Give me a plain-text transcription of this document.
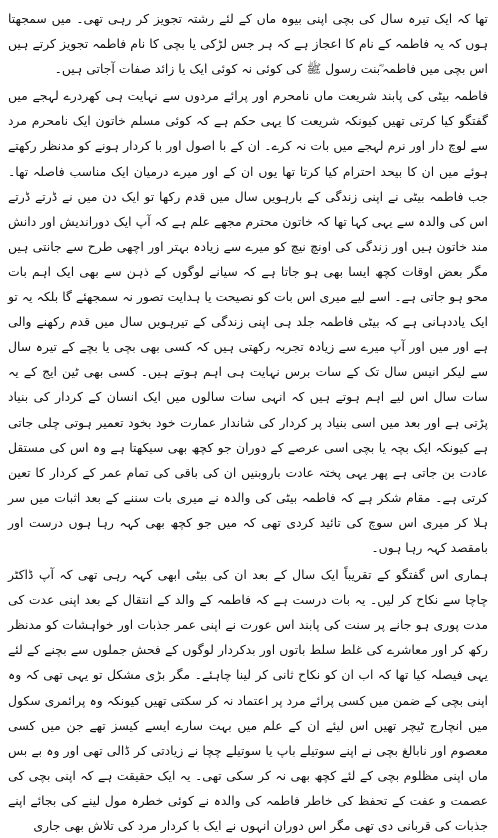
تھا کہ ایک تیرہ سال کی بچی اپنی بیوہ ماں کے لئے رشتہ تجویز کر رہی تھی۔ میں سمجھتا ہوں کہ یہ فاطمہ کے نام کا اعجاز ہے کہ ہر جس لڑکی یا بچی کا نام فاطمہ تجویز کرتے ہیں اس بچی میں فاطمہ ؓبنت رسول ﷺ کی کوئی نہ کوئی ایک یا زائد صفات آجاتی ہیں۔

فاطمہ بیٹی کی پابند شریعت ماں نامحرم اور پرائے مردوں سے نہایت ہی کھردرے لہجے میں گفتگو کیا کرتی تھیں کیونکہ شریعت کا یہی حکم ہے کہ کوئی مسلم خاتون ایک نامحرم مرد سے لوچ دار اور نرم لہجے میں بات نہ کرے۔ ان کے با اصول اور با کردار ہونے کو مدنظر رکھتے ہوئے میں ان کا بیحد احترام کیا کرتا تھا یوں ان کے اور میرے درمیان ایک مناسب فاصلہ تھا۔ جب فاطمہ بیٹی نے اپنی زندگی کے بارہویں سال میں قدم رکھا تو ایک دن میں نے ڈرتے ڈرتے اس کی والدہ سے یہی کہا تھا کہ خاتون محترم مجھے علم ہے کہ آپ ایک دوراندیش اور دانش مند خاتون ہیں اور زندگی کی اونچ نیچ کو میرے سے زیادہ بہتر اور اچھی طرح سے جانتی ہیں مگر بعض اوقات کچھ ایسا بھی ہو جاتا ہے کہ سیانے لوگوں کے ذہن سے بھی ایک اہم بات محو ہو جاتی ہے۔ اسے لیے میری اس بات کو نصیحت یا ہدایت تصور نہ سمجھئے گا بلکہ یہ تو ایک یاددہانی ہے کہ بیٹی فاطمہ جلد ہی اپنی زندگی کے تیرہویں سال میں قدم رکھنے والی ہے اور میں اور آپ میرے سے زیادہ تجربہ رکھتی ہیں کہ کسی بھی بچی یا بچے کے تیرہ سال سے لیکر انیس سال تک کے سات برس نہایت ہی اہم ہوتے ہیں۔ کسی بھی ٹین ایج کے یہ سات سال اس لیے اہم ہوتے ہیں کہ انہی سات سالوں میں ایک انسان کے کردار کی بنیاد پڑتی ہے اور بعد میں اسی بنیاد پر کردار کی شاندار عمارت خود بخود تعمیر ہوتی چلی جاتی ہے کیونکہ ایک بچہ یا بچی اسی عرصے کے دوران جو کچھ بھی سیکھتا ہے وہ اس کی مستقل عادت بن جاتی ہے پھر یہی پختہ عادت باروبنیں ان کی باقی کی تمام عمر کے کردار کا تعین کرتی ہے۔ مقام شکر ہے کہ فاطمہ بیٹی کی والدہ نے میری بات سننے کے بعد اثبات میں سر ہلا کر میری اس سوچ کی تائید کردی تھی کہ میں جو کچھ بھی کہہ رہا ہوں درست اور بامقصد کہہ رہا ہوں۔

ہماری اس گفتگو کے تقریباً ایک سال کے بعد ان کی بیٹی ابھی کہہ رہی تھی کہ آپ ڈاکٹر چاچا سے نکاح کر لیں۔ یہ بات درست ہے کہ فاطمہ کے والد کے انتقال کے بعد اپنی عدت کی مدت پوری ہو جانے پر سنت کی پابند اس عورت نے اپنی عمر جذبات اور خواہشات کو مدنظر رکھ کر اور معاشرے کی غلط سلط باتوں اور بدکردار لوگوں کے فحش جملوں سے بچنے کے لئے یہی فیصلہ کیا تھا کہ اب ان کو نکاح ثانی کر لینا چاہئے۔ مگر بڑی مشکل تو یہی تھی کہ وہ اپنی بچی کے ضمن میں کسی پرائے مرد پر اعتماد نہ کر سکتی تھیں کیونکہ وہ پرائمری سکول میں انچارج ٹیچر تھیں اس لیئے ان کے علم میں بہت سارے ایسے کیسز تھے جن میں کسی معصوم اور نابالغ بچی نے اپنے سوتیلے باپ یا سوتیلے چچا نے زیادتی کر ڈالی تھی اور وہ بے بس ماں اپنی مظلوم بچی کے لئے کچھ بھی نہ کر سکی تھی۔ یہ ایک حقیقت ہے کہ اپنی بچی کی عصمت و عفت کے تحفظ کی خاطر فاطمہ کی والدہ نے کوئی خطرہ مول لینے کی بجائے اپنے جذبات کی قربانی دی تھی مگر اس دوران انہوں نے ایک با کردار مرد کی تلاش بھی جاری
